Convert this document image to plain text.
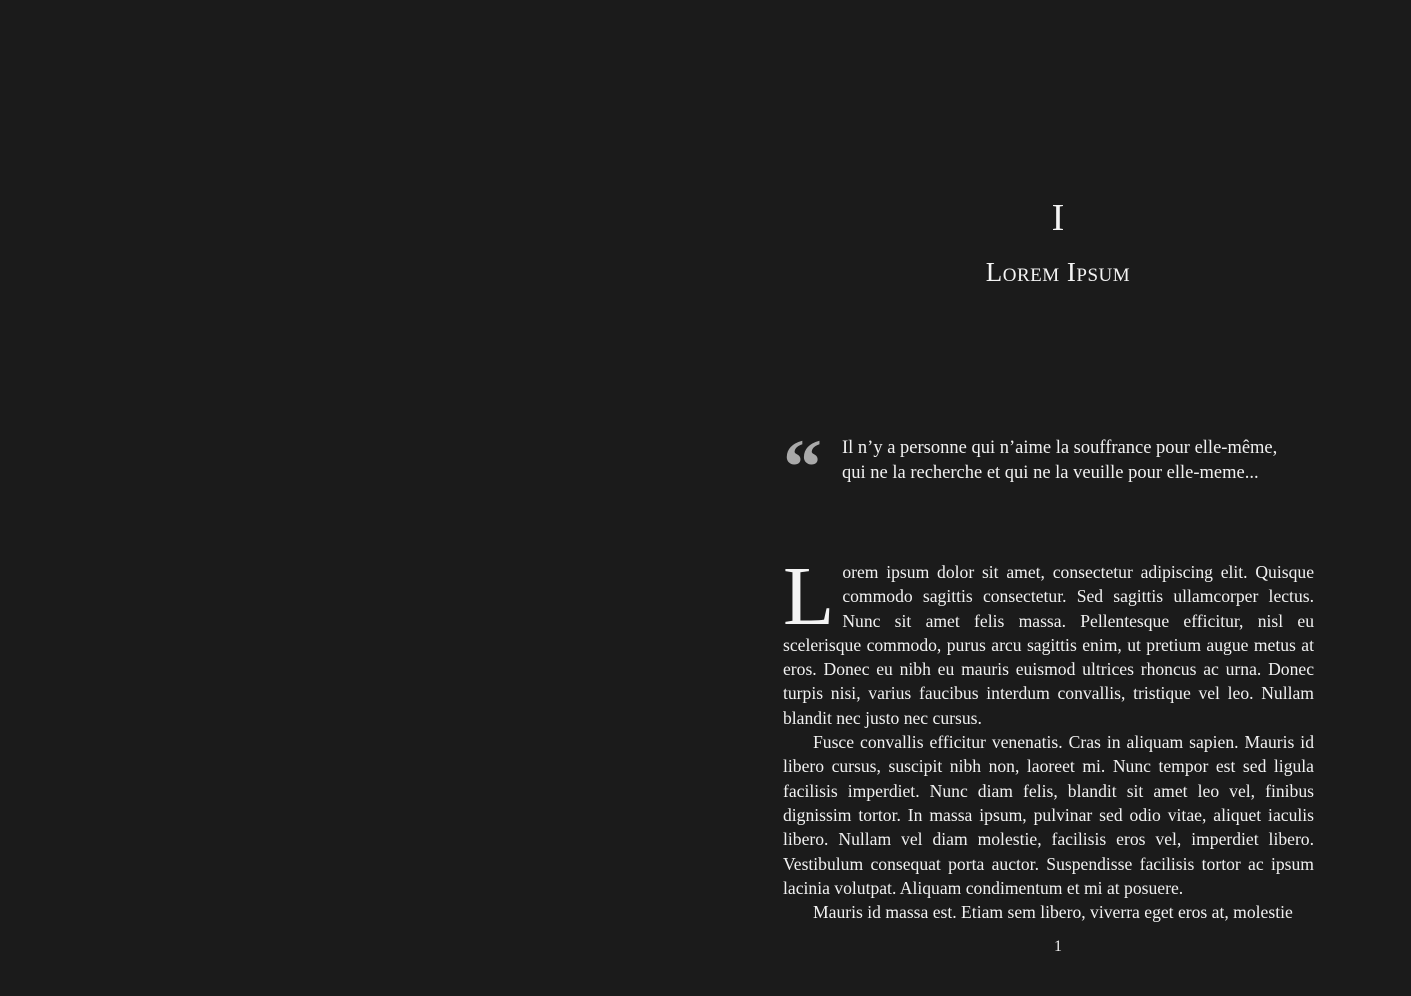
I
Lorem Ipsum
“ Il n’y a personne qui n’aime la souffrance pour elle-même,
qui ne la recherche et qui ne la veuille pour elle-meme...

Lorem ipsum dolor sit amet, consectetur adipiscing elit. Quisque commodo sagittis consectetur. Sed sagittis ullamcorper lectus. Nunc sit amet felis massa. Pellentesque efficitur, nisl eu scelerisque commodo, purus arcu sagittis enim, ut pretium augue metus at eros. Donec eu nibh eu mauris euismod ultrices rhoncus ac urna. Donec turpis nisi, varius faucibus interdum convallis, tristique vel leo. Nullam blandit nec justo nec cursus.

Fusce convallis efficitur venenatis. Cras in aliquam sapien. Mauris id libero cursus, suscipit nibh non, laoreet mi. Nunc tempor est sed ligula facilisis imperdiet. Nunc diam felis, blandit sit amet leo vel, finibus dignissim tortor. In massa ipsum, pulvinar sed odio vitae, aliquet iaculis libero. Nullam vel diam molestie, facilisis eros vel, imperdiet libero. Vestibulum consequat porta auctor. Suspendisse facilisis tortor ac ipsum lacinia volutpat. Aliquam condimentum et mi at posuere.

Mauris id massa est. Etiam sem libero, viverra eget eros at, molestie

1
